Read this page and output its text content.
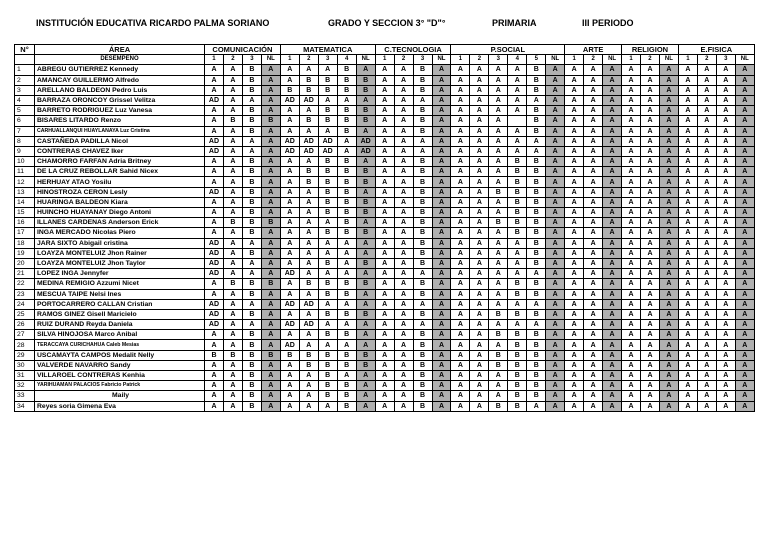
INSTITUCIÓN EDUCATIVA RICARDO PALMA SORIANO	GRADO Y SECCION 3° "D"°	PRIMARIA	III PERIODO
N°	ÁREA	COMUNICACIÓN				MATEMATICA					C.TECNOLOGIA				P.SOCIAL						ARTE			RELIGION			E.FISICA			
	DESEMPEÑO	1	2	3	NL	1	2	3	4	NL	1	2	3	NL	1	2	3	4	5	NL	1	2	NL	1	2	NL	1	2	3	NL
1	ABREGU GUTIERREZ Kennedy	A	A	B	A	A	A	A	B	A	A	A	B	A	A	A	A	A	B	A	A	A	A	A	A	A	A	A	A	A
2	AMANCAY GUILLERMO Alfredo	A	A	B	A	A	B	B	B	B	A	A	B	A	A	A	A	A	B	A	A	A	A	A	A	A	A	A	A	A
3	ARELLANO BALDEON Pedro Luis	A	A	B	A	B	B	B	B	B	A	A	B	A	A	A	A	A	B	A	A	A	A	A	A	A	A	A	A	A
4	BARRAZA ORONCOY Grissel Velitza	AD	A	A	A	AD	AD	A	A	A	A	A	A	A	A	A	A	A	A	A	A	A	A	A	A	A	A	A	A	A
5	BARRETO RODRIGUEZ Luz Vanesa	A	A	B	A	A	A	B	B	B	A	A	B	A	A	A	A	A	B	A	A	A	A	A	A	A	A	A	A	A
6	BISARES LITARDO Renzo	A	B	B	B	A	B	B	B	B	A	A	B	A	A	A	A		B	A	A	A	A	A	A	A	A	A	A	A
7	CARHUALLANQUI HUAYLANAYA Luz Cristina	A	A	B	A	A	A	A	B	A	A	A	B	A	A	A	A	A	B	A	A	A	A	A	A	A	A	A	A	A
8	CASTAÑEDA PADILLA Nicol	AD	A	A	A	AD	AD	AD	A	AD	A	A	A	A	A	A	A	A	A	A	A	A	A	A	A	A	A	A	A	A
9	CONTRERAS CHAVEZ Iker	AD	A	A	A	AD	AD	AD	A	AD	A	A	A	A	A	A	A	A	A	A	A	A	A	A	A	A	A	A	A	A
10	CHAMORRO FARFAN Adria Britney	A	A	B	A	A	A	B	B	A	A	A	B	A	A	A	A	B	B	A	A	A	A	A	A	A	A	A	A	A
11	DE LA CRUZ REBOLLAR Sahid Nicex	A	A	B	A	A	B	B	B	B	A	A	B	A	A	A	A	B	B	A	A	A	A	A	A	A	A	A	A	A
12	HERHUAY ATAO Yosilu	A	A	B	A	A	B	B	B	B	A	A	B	A	A	A	A	B	B	A	A	A	A	A	A	A	A	A	A	A
13	HINOSTROZA CERON Lesly	AD	A	B	A	A	A	B	B	A	A	A	B	A	A	A	B	B	B	A	A	A	A	A	A	A	A	A	A	A
14	HUARINGA BALDEON Kiara	A	A	B	A	A	A	B	B	B	A	A	B	A	A	A	A	B	B	A	A	A	A	A	A	A	A	A	A	A
15	HUINCHO HUAYANAY Diego Antoni	A	A	B	A	A	A	B	B	B	A	A	B	A	A	A	A	B	B	A	A	A	A	A	A	A	A	A	A	A
16	ILLANES CARDENAS Anderson Erick	A	B	B	B	A	A	A	B	A	A	A	B	A	A	A	B	B	B	A	A	A	A	A	A	A	A	A	A	A
17	INGA MERCADO Nicolas Piero	A	A	B	A	A	A	B	B	B	A	A	B	A	A	A	A	B	B	A	A	A	A	A	A	A	A	A	A	A
18	JARA SIXTO Abigail cristina	AD	A	A	A	A	A	A	A	A	A	A	B	A	A	A	A	A	B	A	A	A	A	A	A	A	A	A	A	A
19	LOAYZA MONTELUIZ Jhon Rainer	AD	A	B	A	A	A	A	A	A	A	A	B	A	A	A	A	A	B	A	A	A	A	A	A	A	A	A	A	A
20	LOAYZA MONTELUIZ Jhon Taylor	AD	A	A	A	A	A	B	A	B	A	A	B	A	A	A	A	A	B	A	A	A	A	A	A	A	A	A	A	A
21	LOPEZ INGA Jennyfer	AD	A	A	A	AD	A	A	A	A	A	A	A	A	A	A	A	A	A	A	A	A	A	A	A	A	A	A	A	A
22	MEDINA REMIGIO Azzumi Nicet	A	B	B	B	A	B	B	B	B	A	A	B	A	A	A	A	B	B	A	A	A	A	A	A	A	A	A	A	A
23	MESCUA TAIPE Nelsi Ines	A	A	B	A	A	A	B	B	A	A	A	B	A	A	A	A	B	B	A	A	A	A	A	A	A	A	A	A	A
24	PORTOCARRERO CALLAN Cristian	AD	A	A	A	AD	AD	A	A	A	A	A	A	A	A	A	A	A	A	A	A	A	A	A	A	A	A	A	A	A
25	RAMOS GINEZ Gisell Maricielo	AD	A	B	A	A	A	B	B	B	A	A	B	A	A	A	B	B	B	A	A	A	A	A	A	A	A	A	A	A
26	RUIZ DURAND Reyda Daniela	AD	A	A	A	AD	AD	A	A	A	A	A	A	A	A	A	A	A	A	A	A	A	A	A	A	A	A	A	A	A
27	SILVA HINOJOSA Marco Anibal	A	A	B	A	A	A	B	B	A	A	A	B	A	A	A	B	B	B	A	A	A	A	A	A	A	A	A	A	A
28	TERACCAYA CURICHAHUA Caleb Mesias	A	A	B	A	AD	A	A	A	A	A	A	B	A	A	A	A	B	B	A	A	A	A	A	A	A	A	A	A	A
29	USCAMAYTA CAMPOS Medalit Nelly	B	B	B	B	B	B	B	B	B	A	A	B	A	A	A	B	B	B	A	A	A	A	A	A	A	A	A	A	A
30	VALVERDE NAVARRO Sandy	A	A	B	A	A	B	B	B	B	A	A	B	A	A	A	B	B	B	A	A	A	A	A	A	A	A	A	A	A
31	VILLAROEL CONTRERAS Kenhia	A	A	B	A	A	A	B	A	A	A	A	B	A	A	A	A	B	B	A	A	A	A	A	A	A	A	A	A	A
32	YARIHUAMAN PALACIOS Fabricio Patrick	A	A	B	A	A	A	B	B	A	A	A	B	A	A	A	A	B	B	A	A	A	A	A	A	A	A	A	A	A
33	Maily	A	A	B	A	A	A	B	B	A	A	A	B	A	A	A	A	B	B	A	A	A	A	A	A	A	A	A	A	A
34	Reyes soria Gimena Eva	A	A	B	A	A	A	A	B	A	A	A	B	A	A	A	B	B	A	A	A	A	A	A	A	A	A	A	A	A
